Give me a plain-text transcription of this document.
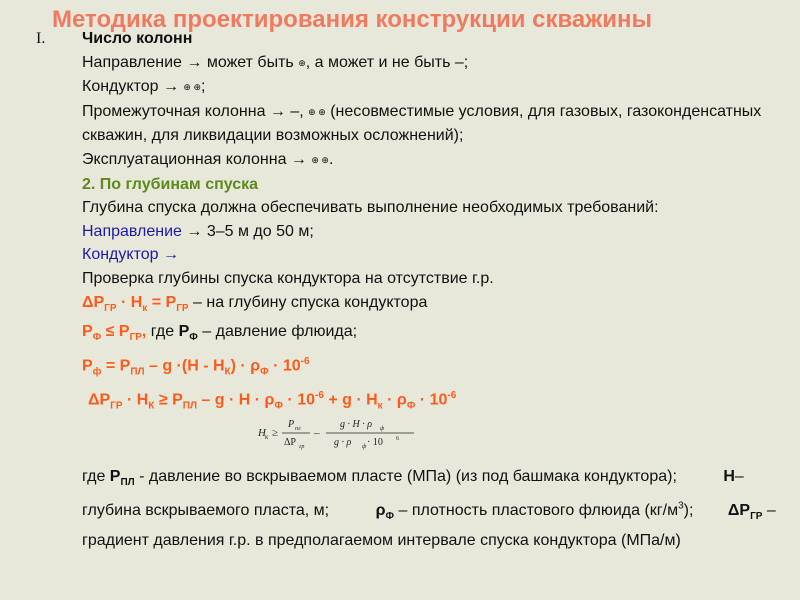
Методика проектирования конструкции скважины
I. Число колонн
Направление → может быть ⊕, а может и не быть –;
Кондуктор → ⊕ ⊕;
Промежуточная колонна → –, ⊕ ⊕ (несовместимые условия, для газовых, газоконденсатных скважин, для ликвидации возможных осложнений);
Эксплуатационная колонна → ⊕ ⊕.
2. По глубинам спуска
Глубина спуска должна обеспечивать выполнение необходимых требований:
Направление → 3–5 м до 50 м;
Кондуктор →
Проверка глубины спуска кондуктора на отсутствие г.р.
$\Delta P_{ГР} \cdot H_к = P_{ГР}$ – на глубину спуска кондуктора
$P_Ф \le P_{ГР}$, где $P_Ф$ – давление флюида;
$P_ф = P_{ПЛ} - g \cdot(H - H_К) \cdot \rho_Ф \cdot 10^{-6}$
$\Delta P_{ГР} \cdot H_К \ge P_{ПЛ} - g \cdot H \cdot \rho_Ф \cdot 10^{-6} + g \cdot H_к \cdot \rho_Ф \cdot 10^{-6}$
H к ≥
P пл
ΔP гр
–
g · H · ρ ф
g · ρ ф · 10 6
где $P_{ПЛ}$ - давление во вскрываемом пласте (МПа) (из под башмака кондуктора);	H– глубина вскрываемого пласта, м;	$\rho_Ф$ – плотность пластового флюида $(кг/м^3)$; $\Delta P_{ГР}$ – градиент давления г.р. в предполагаемом интервале спуска кондуктора (МПа/м)
